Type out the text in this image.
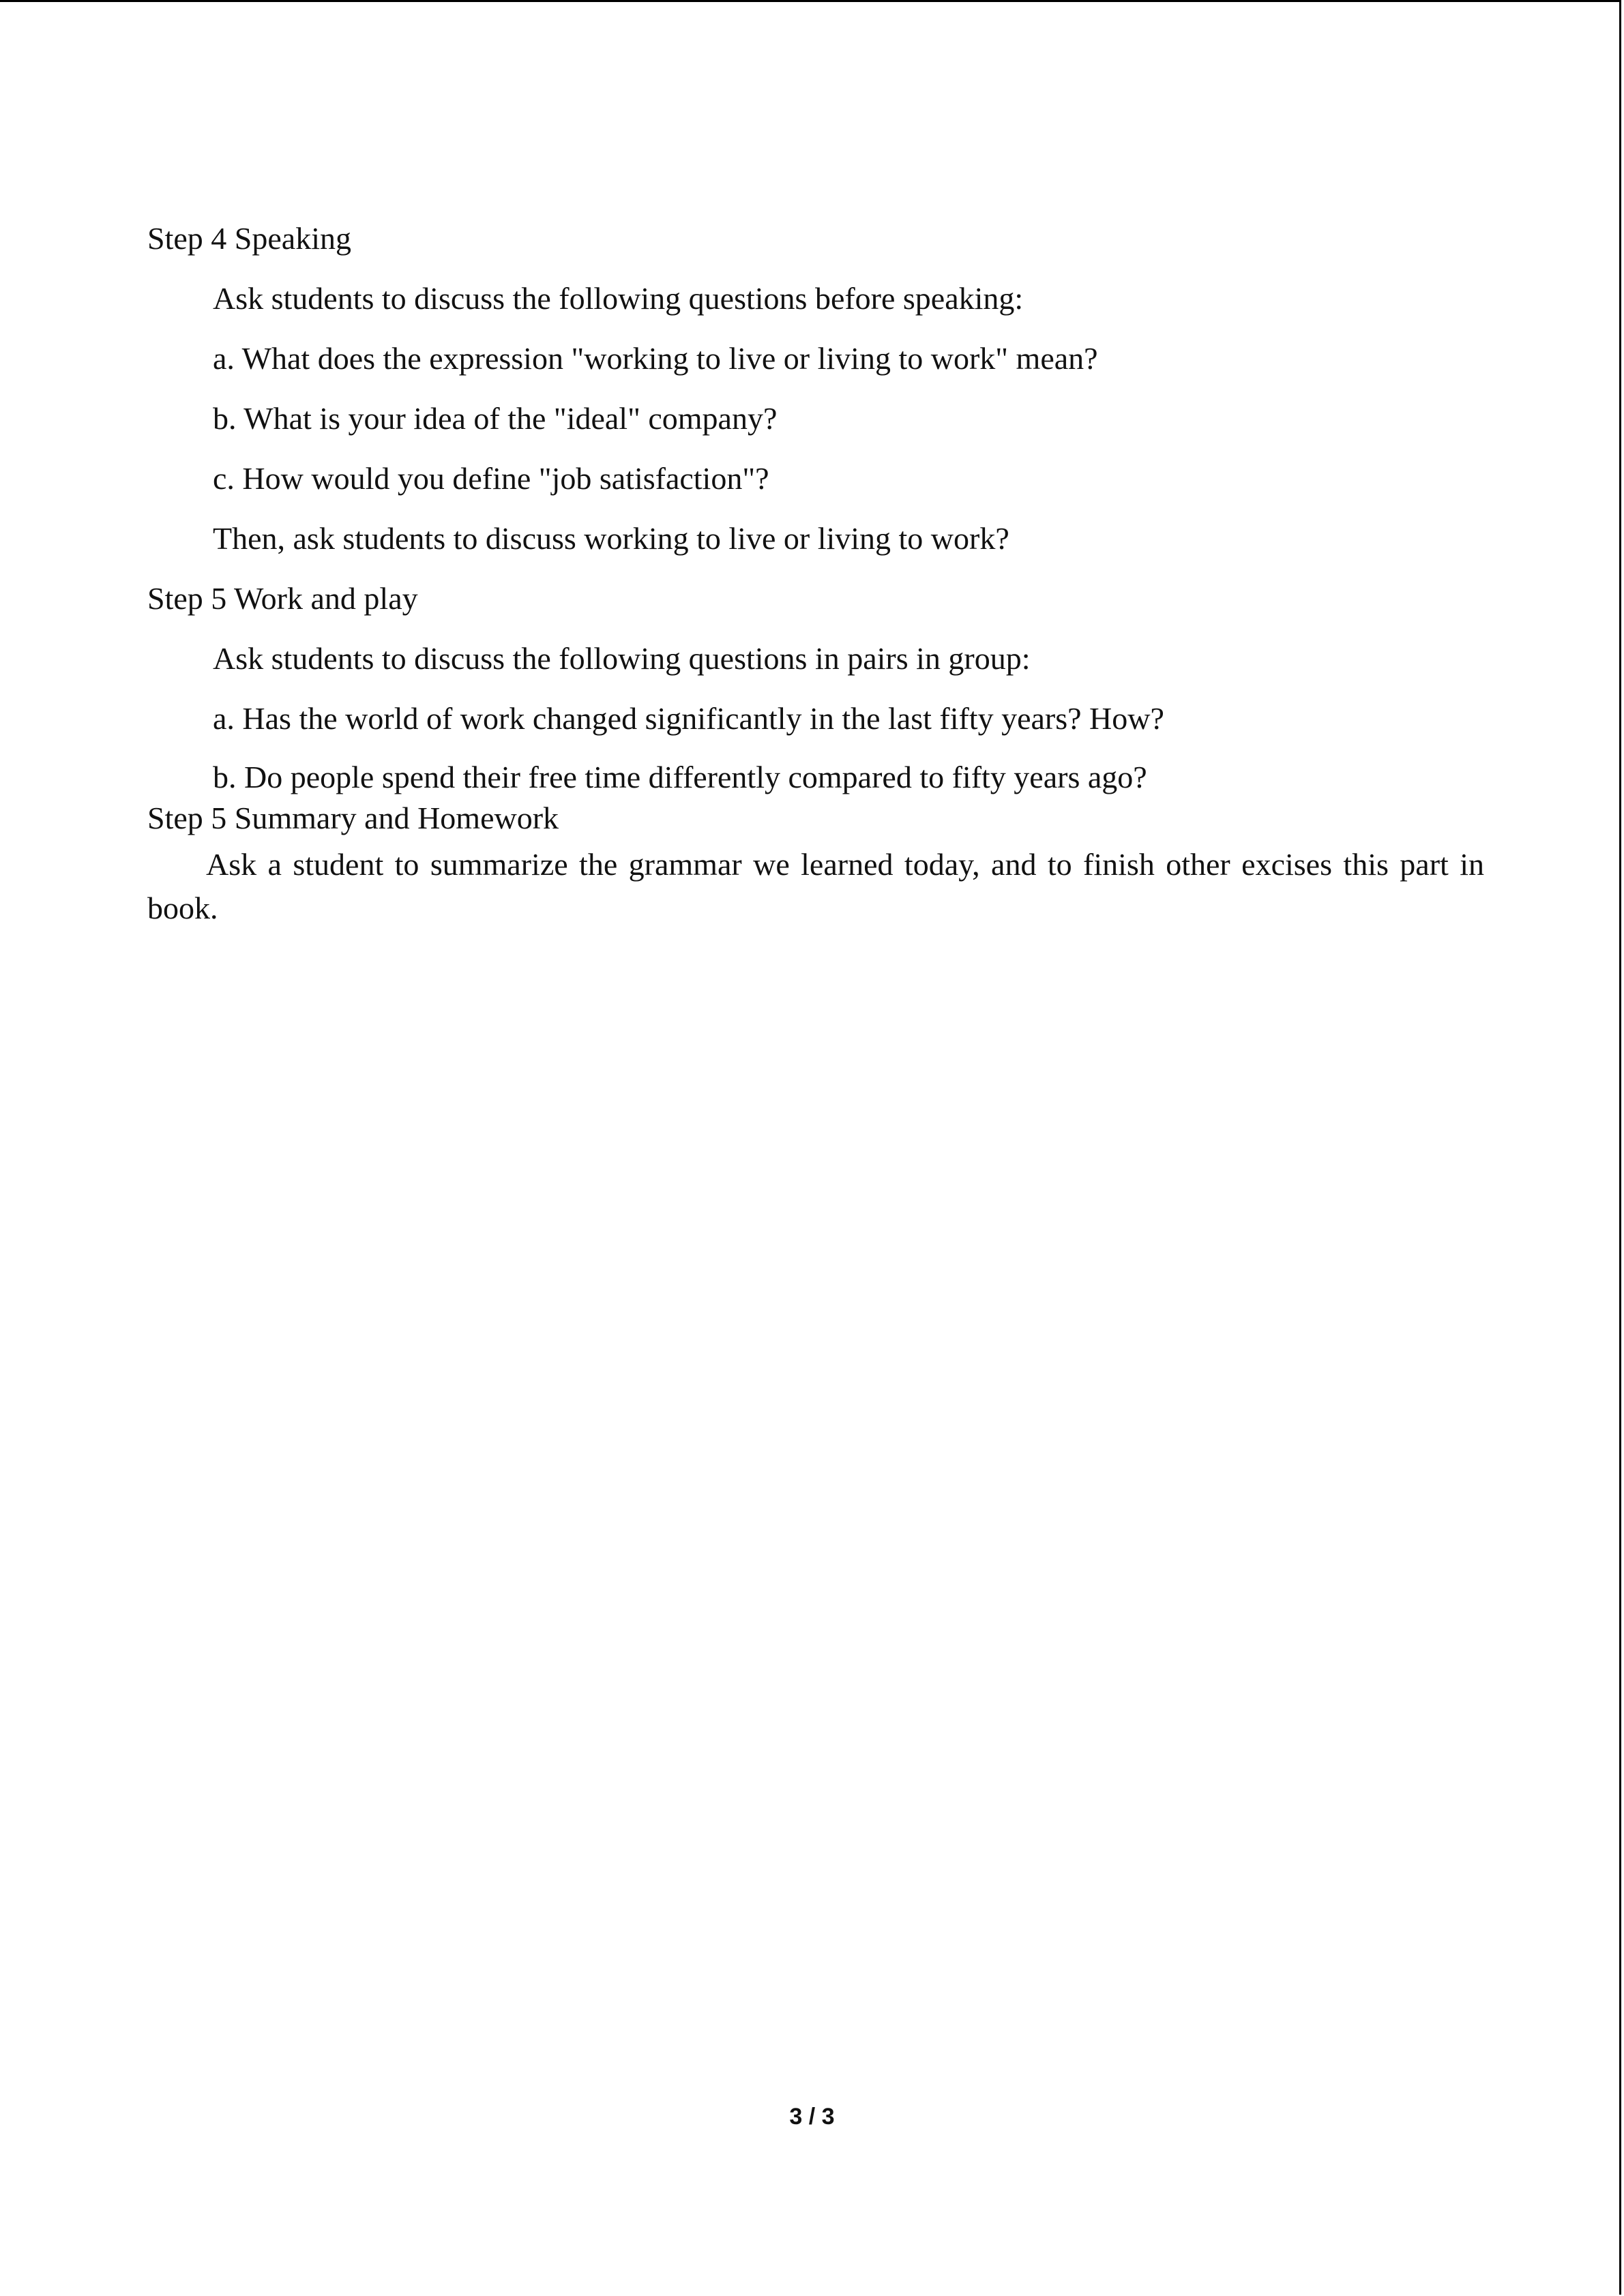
Step 4 Speaking
Ask students to discuss the following questions before speaking:
a. What does the expression "working to live or living to work" mean?
b. What is your idea of the "ideal" company?
c. How would you define "job satisfaction"?
Then, ask students to discuss working to live or living to work?
Step 5 Work and play
Ask students to discuss the following questions in pairs in group:
a. Has the world of work changed significantly in the last fifty years? How?
b. Do people spend their free time differently compared to fifty years ago?
Step 5 Summary and Homework
Ask a student to summarize the grammar we learned today, and to finish other excises this part in book.
3 / 3
